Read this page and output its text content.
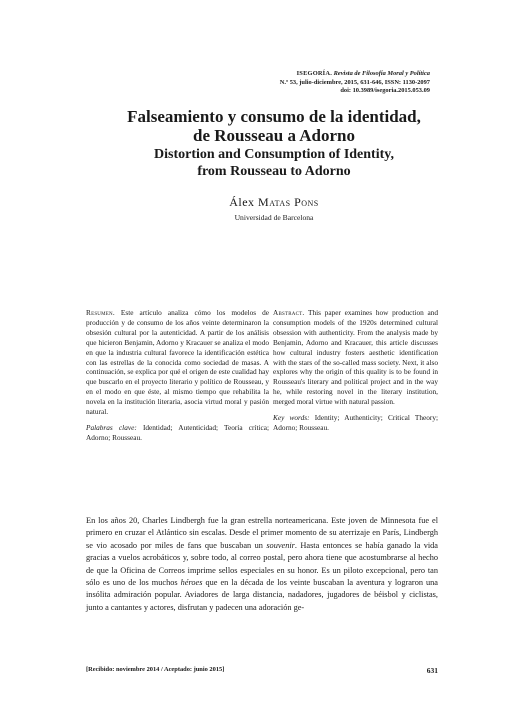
ISEGORÍA. Revista de Filosofía Moral y Política
N.º 53, julio-diciembre, 2015, 631-646, ISSN: 1130-2097
doi: 10.3989/isegoria.2015.053.09
Falseamiento y consumo de la identidad,
de Rousseau a Adorno
Distortion and Consumption of Identity,
from Rousseau to Adorno
Álex Matas Pons
Universidad de Barcelona

Resumen. Este artículo analiza cómo los modelos de producción y de consumo de los años veinte determinaron la obsesión cultural por la autenticidad. A partir de los análisis que hicieron Benjamin, Adorno y Kracauer se analiza el modo en que la industria cultural favorece la identificación estética con las estrellas de la conocida como sociedad de masas. A continuación, se explica por qué el origen de este cualidad hay que buscarlo en el proyecto literario y político de Rousseau, y en el modo en que éste, al mismo tiempo que rehabilita la novela en la institución literaria, asocia virtud moral y pasión natural.

Palabras clave: Identidad; Autenticidad; Teoría crítica; Adorno; Rousseau.

Abstract. This paper examines how production and consumption models of the 1920s determined cultural obsession with authenticity. From the analysis made by Benjamin, Adorno and Kracauer, this article discusses how cultural industry fosters aesthetic identification with the stars of the so-called mass society. Next, it also explores why the origin of this quality is to be found in Rousseau's literary and political project and in the way he, while restoring novel in the literary institution, merged moral virtue with natural passion.

Key words: Identity; Authenticity; Critical Theory; Adorno; Rousseau.

En los años 20, Charles Lindbergh fue la gran estrella norteamericana. Este joven de Minnesota fue el primero en cruzar el Atlántico sin escalas. Desde el primer momento de su aterrizaje en París, Lindbergh se vio acosado por miles de fans que buscaban un souvenir. Hasta entonces se había ganado la vida gracias a vuelos acrobáticos y, sobre todo, al correo postal, pero ahora tiene que acostumbrarse al hecho de que la Oficina de Correos imprime sellos especiales en su honor. Es un piloto excepcional, pero tan sólo es uno de los muchos héroes que en la década de los veinte buscaban la aventura y lograron una insólita admiración popular. Aviadores de larga distancia, nadadores, jugadores de béisbol y ciclistas, junto a cantantes y actores, disfrutan y padecen una adoración ge-

[Recibido: noviembre 2014 / Aceptado: junio 2015]	631
